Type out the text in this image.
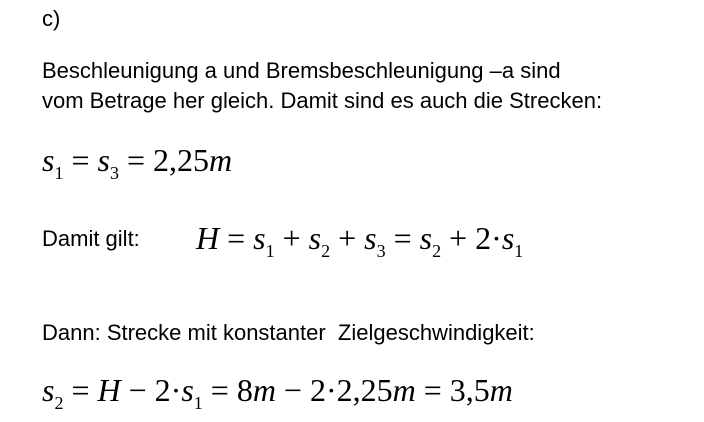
c)
Beschleunigung a und Bremsbeschleunigung –a sind
vom Betrage her gleich. Damit sind es auch die Strecken:
$s_1 = s_3 = 2,25m$
Damit gilt: $H = s_1 + s_2 + s_3 = s_2 + 2\cdot s_1$
Dann: Strecke mit konstanter  Zielgeschwindigkeit:
$s_2 = H - 2\cdot s_1 = 8m - 2\cdot 2,25m = 3,5m$
